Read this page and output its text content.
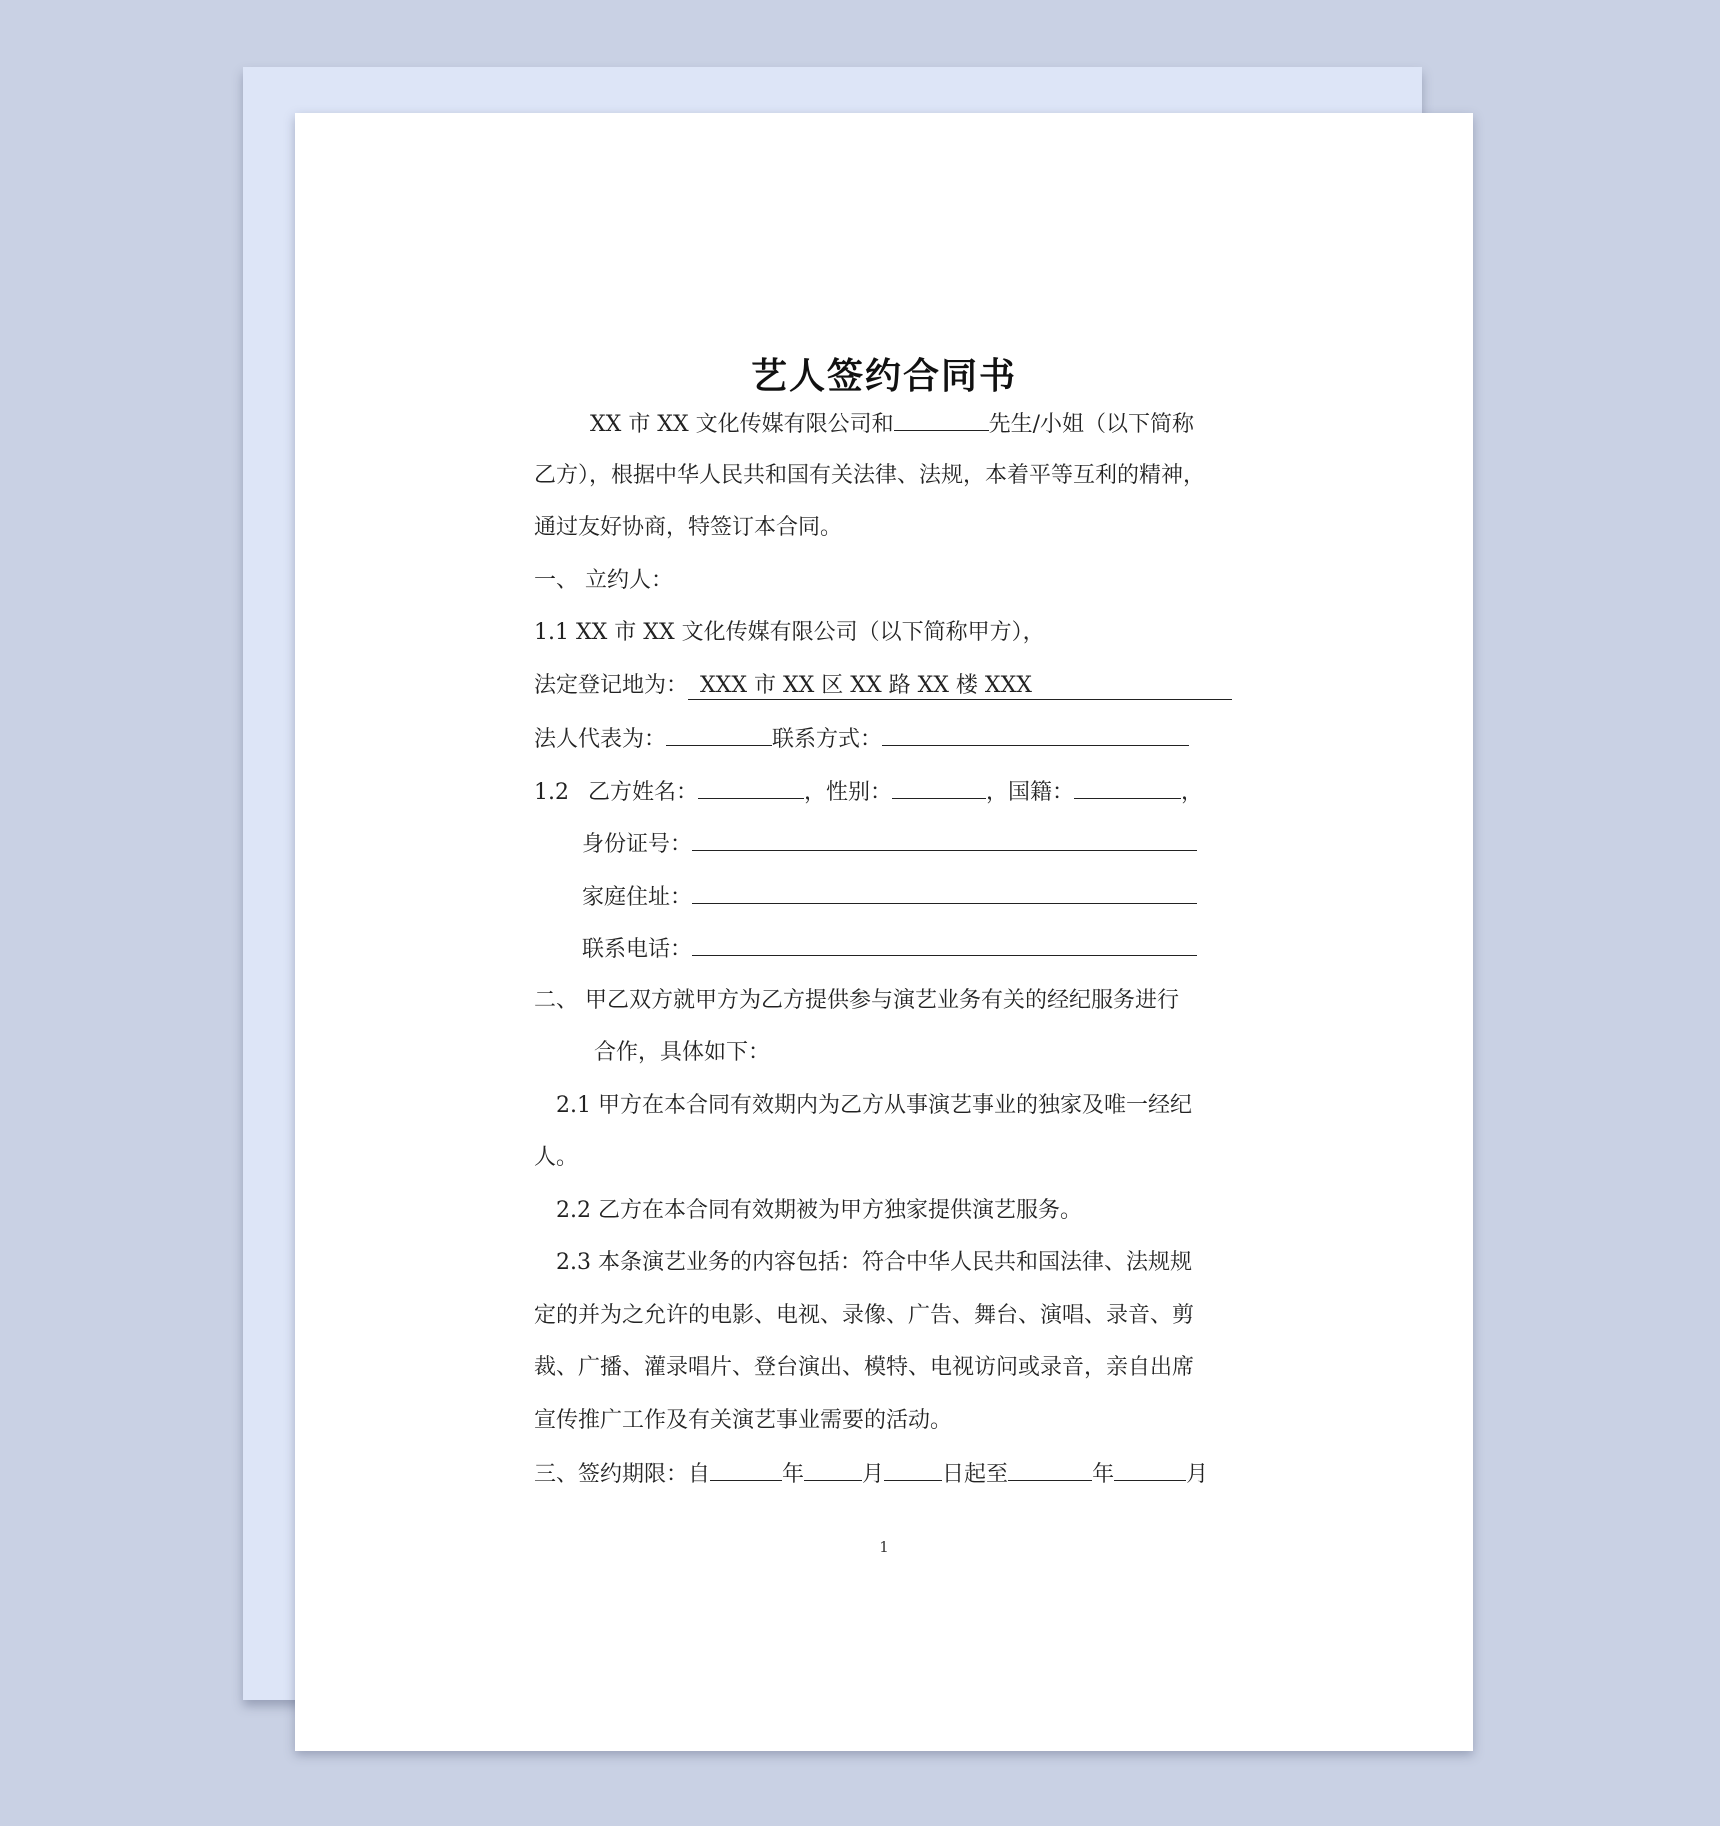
艺人签约合同书
XX 市 XX 文化传媒有限公司和	先生/小姐（以下简称
乙方），根据中华人民共和国有关法律、法规，本着平等互利的精神，
通过友好协商，特签订本合同。
一、 立约人：
1.1 XX 市 XX 文化传媒有限公司（以下简称甲方），
法定登记地为： XXX 市 XX 区 XX 路 XX 楼 XXX
法人代表为：	联系方式：
1.2 乙方姓名：	，性别：	，国籍：	，
身份证号：
家庭住址：
联系电话：
二、 甲乙双方就甲方为乙方提供参与演艺业务有关的经纪服务进行
合作，具体如下：
2.1 甲方在本合同有效期内为乙方从事演艺事业的独家及唯一经纪
人。
2.2 乙方在本合同有效期被为甲方独家提供演艺服务。
2.3 本条演艺业务的内容包括：符合中华人民共和国法律、法规规
定的并为之允许的电影、电视、录像、广告、舞台、演唱、录音、剪
裁、广播、灌录唱片、登台演出、模特、电视访问或录音，亲自出席
宣传推广工作及有关演艺事业需要的活动。
三、签约期限：自	年	月	日起至	年	月
1
